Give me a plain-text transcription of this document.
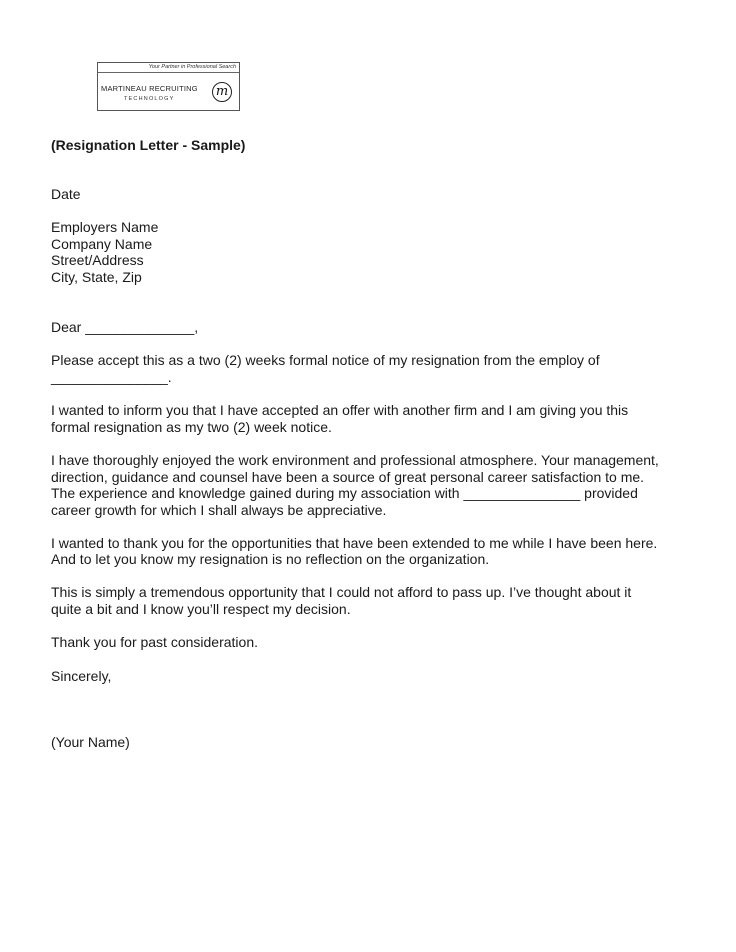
Your Partner in Professional Search
MARTINEAU RECRUITING
TECHNOLOGY	m

(Resignation Letter - Sample)

Date

Employers Name

Company Name

Street/Address

City, State, Zip

Dear ______________,

Please accept this as a two (2) weeks formal notice of my resignation from the employ of

_______________.

I wanted to inform you that I have accepted an offer with another firm and I am giving you this

formal resignation as my two (2) week notice.

I have thoroughly enjoyed the work environment and professional atmosphere. Your management,

direction, guidance and counsel have been a source of great personal career satisfaction to me.

The experience and knowledge gained during my association with _______________ provided

career growth for which I shall always be appreciative.

I wanted to thank you for the opportunities that have been extended to me while I have been here.

And to let you know my resignation is no reflection on the organization.

This is simply a tremendous opportunity that I could not afford to pass up. I’ve thought about it

quite a bit and I know you’ll respect my decision.

Thank you for past consideration.

Sincerely,

(Your Name)
